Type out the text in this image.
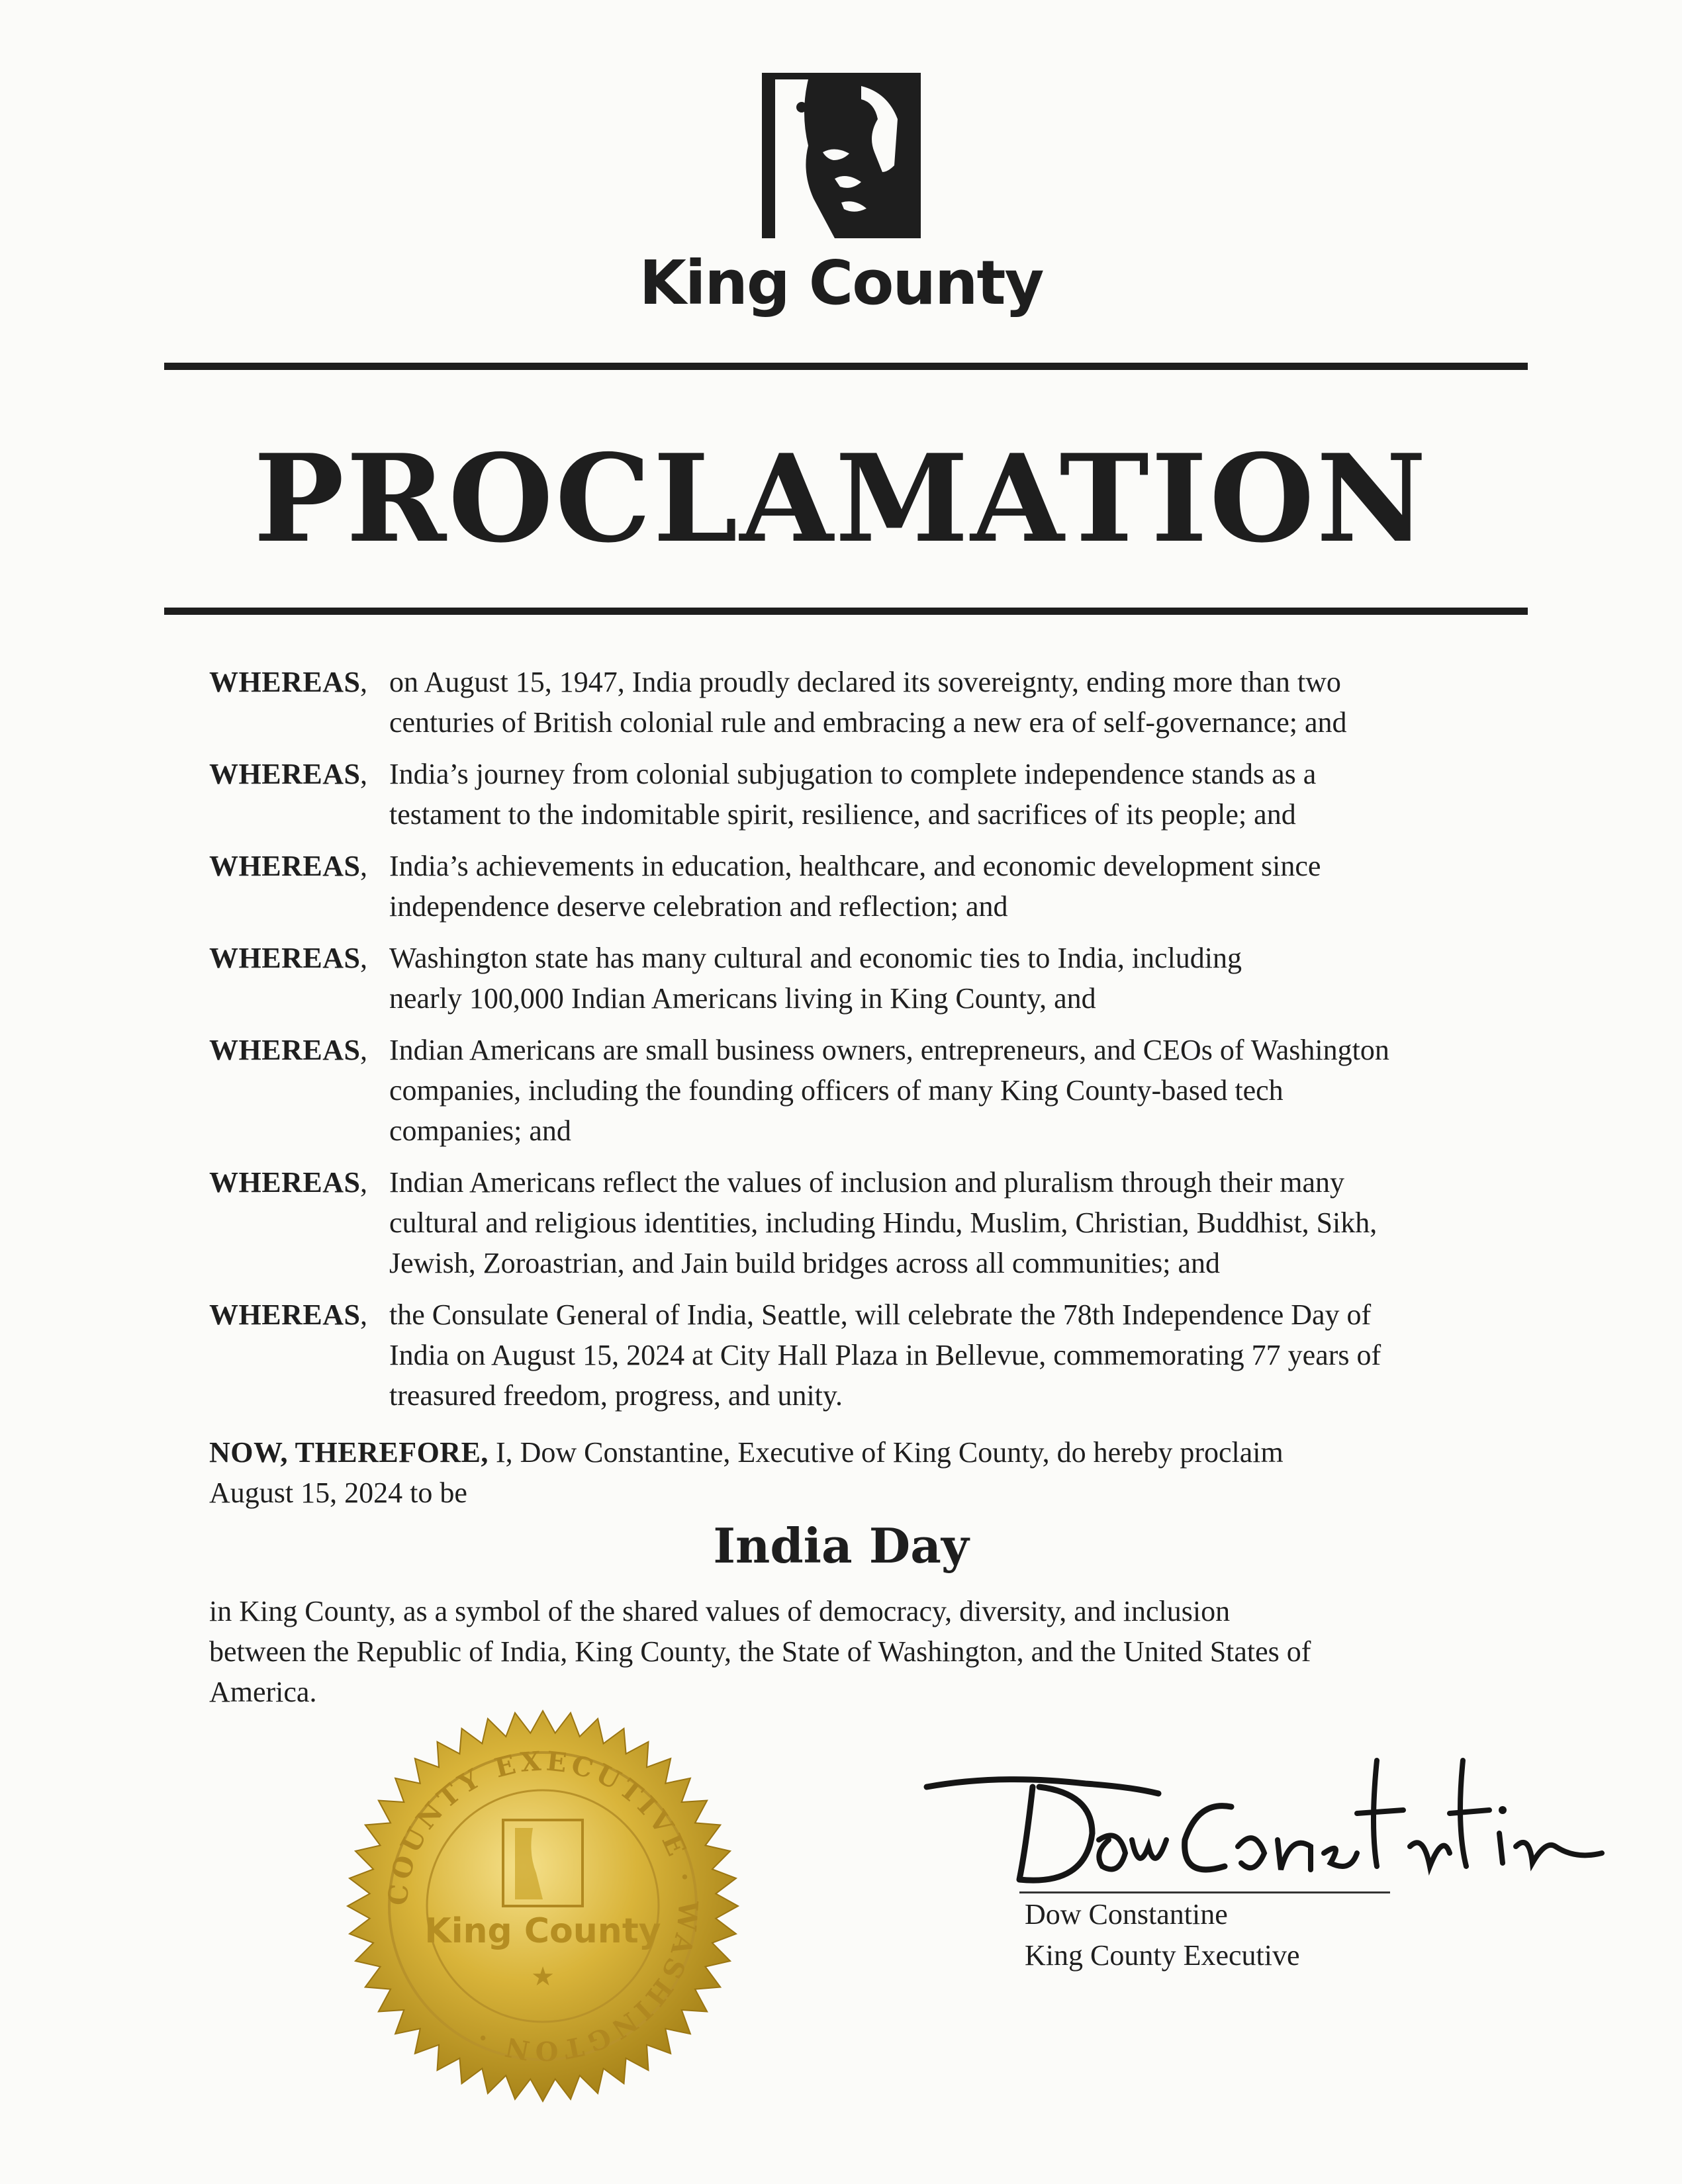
King County
PROCLAMATION
WHEREAS on August 15, 1947, India proudly declared its sovereignty, ending more than two
centuries of British colonial rule and embracing a new era of self-governance; and
,
WHEREAS India’s journey from colonial subjugation to complete independence stands as a
testament to the indomitable spirit, resilience, and sacrifices of its people; and
,
WHEREAS India’s achievements in education, healthcare, and economic development since
independence deserve celebration and reflection; and
,
WHEREAS Washington state has many cultural and economic ties to India, including
nearly 100,000 Indian Americans living in King County, and
,
WHEREAS Indian Americans are small business owners, entrepreneurs, and CEOs of Washington
companies, including the founding officers of many King County-based tech
companies; and
,
WHEREAS Indian Americans reflect the values of inclusion and pluralism through their many
cultural and religious identities, including Hindu, Muslim, Christian, Buddhist, Sikh,
Jewish, Zoroastrian, and Jain build bridges across all communities; and
,
WHEREAS the Consulate General of India, Seattle, will celebrate the 78th Independence Day of
India on August 15, 2024 at City Hall Plaza in Bellevue, commemorating 77 years of
treasured freedom, progress, and unity.
,
NOW, THEREFORE, I, Dow Constantine, Executive of King County, do hereby proclaim
August 15, 2024 to be
India Day
in King County, as a symbol of the shared values of democracy, diversity, and inclusion
between the Republic of India, King County, the State of Washington, and the United States of
America.
COUNTY EXECUTIVE · WASHINGTON ·
King County
★
Dow Constantine
King County Executive
